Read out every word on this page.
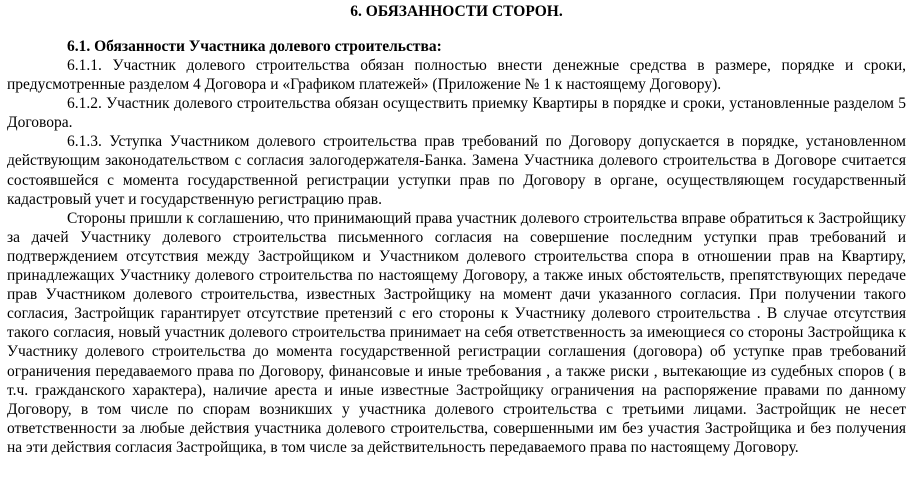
6. ОБЯЗАННОСТИ СТОРОН.
6.1. Обязанности Участника долевого строительства:

6.1.1. Участник долевого строительства обязан полностью внести денежные средства в размере, порядке и сроки, предусмотренные разделом 4 Договора и «Графиком платежей» (Приложение № 1 к настоящему Договору).

6.1.2. Участник долевого строительства обязан осуществить приемку Квартиры в порядке и сроки, установленные разделом 5 Договора.

6.1.3. Уступка Участником долевого строительства прав требований по Договору допускается в порядке, установленном действующим законодательством с согласия залогодержателя-Банка. Замена Участника долевого строительства в Договоре считается состоявшейся с момента государственной регистрации уступки прав по Договору в органе, осуществляющем государственный кадастровый учет и государственную регистрацию прав.

Стороны пришли к соглашению, что принимающий права участник долевого строительства вправе обратиться к Застройщику за дачей Участнику долевого строительства письменного согласия на совершение последним уступки прав требований и подтверждением отсутствия между Застройщиком и Участником долевого строительства спора в отношении прав на Квартиру, принадлежащих Участнику долевого строительства по настоящему Договору, а также иных обстоятельств, препятствующих передаче прав Участником долевого строительства, известных Застройщику на момент дачи указанного согласия. При получении такого согласия, Застройщик гарантирует отсутствие претензий с его стороны к Участнику долевого строительства . В случае отсутствия такого согласия, новый участник долевого строительства принимает на себя ответственность за имеющиеся со стороны Застройщика к Участнику долевого строительства до момента государственной регистрации соглашения (договора) об уступке прав требований ограничения передаваемого права по Договору, финансовые и иные требования , а также риски , вытекающие из судебных споров ( в т.ч. гражданского характера), наличие ареста и иные известные Застройщику ограничения на распоряжение правами по данному Договору, в том числе по спорам возникших у участника долевого строительства с третьими лицами. Застройщик не несет ответственности за любые действия участника долевого строительства, совершенными им без участия Застройщика и без получения на эти действия согласия Застройщика, в том числе за действительность передаваемого права по настоящему Договору.
